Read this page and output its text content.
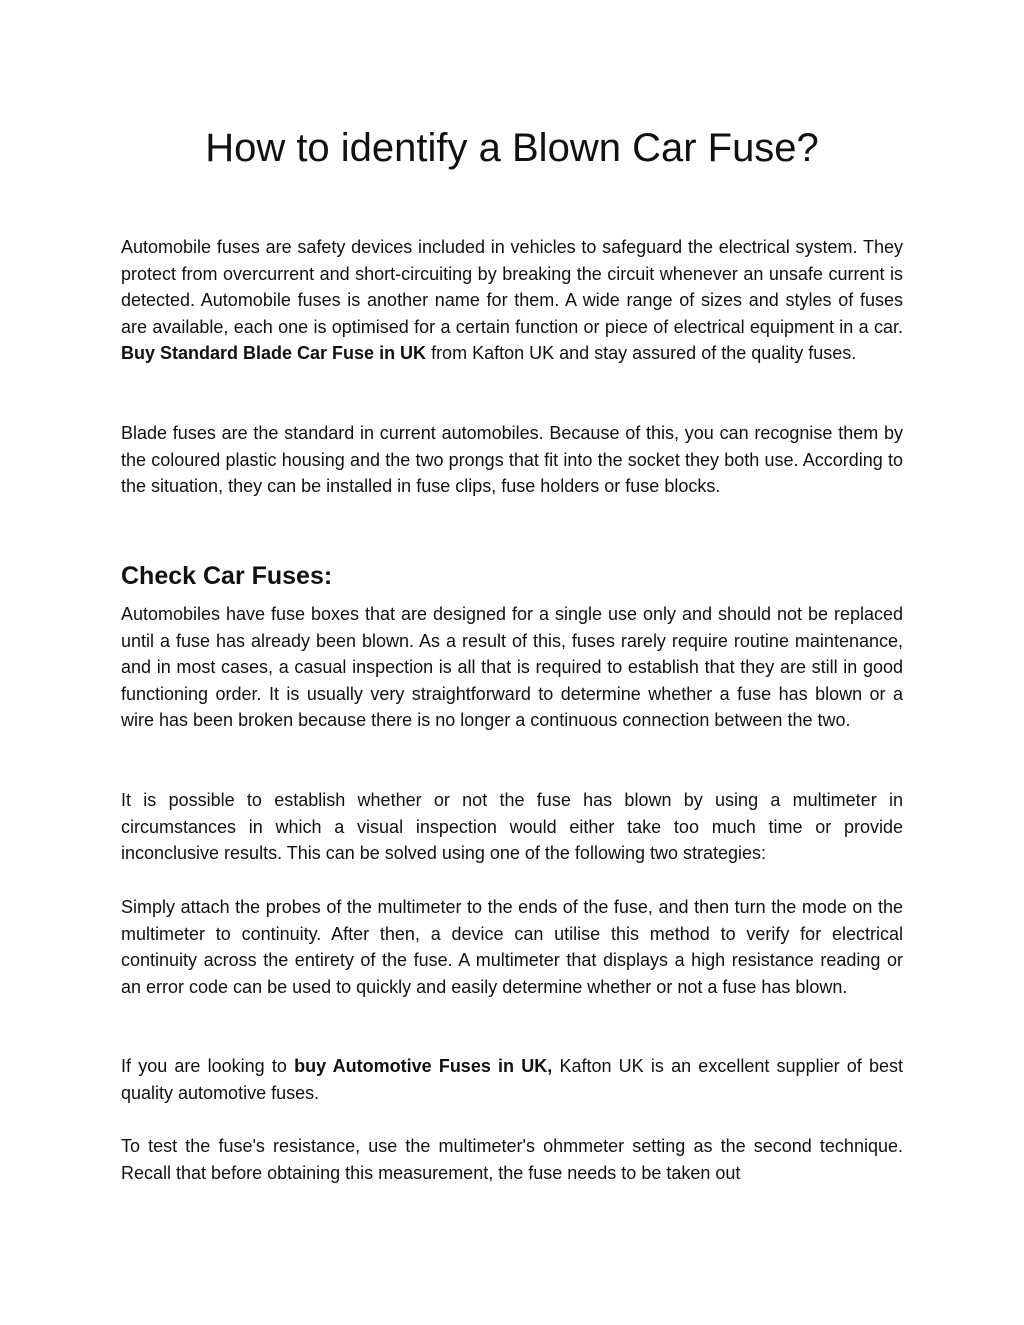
How to identify a Blown Car Fuse?

Automobile fuses are safety devices included in vehicles to safeguard the electrical system. They protect from overcurrent and short-circuiting by breaking the circuit whenever an unsafe current is detected. Automobile fuses is another name for them. A wide range of sizes and styles of fuses are available, each one is optimised for a certain function or piece of electrical equipment in a car. Buy Standard Blade Car Fuse in UK from Kafton UK and stay assured of the quality fuses.

Blade fuses are the standard in current automobiles. Because of this, you can recognise them by the coloured plastic housing and the two prongs that fit into the socket they both use. According to the situation, they can be installed in fuse clips, fuse holders or fuse blocks.

Check Car Fuses:

Automobiles have fuse boxes that are designed for a single use only and should not be replaced until a fuse has already been blown. As a result of this, fuses rarely require routine maintenance, and in most cases, a casual inspection is all that is required to establish that they are still in good functioning order. It is usually very straightforward to determine whether a fuse has blown or a wire has been broken because there is no longer a continuous connection between the two.

It is possible to establish whether or not the fuse has blown by using a multimeter in circumstances in which a visual inspection would either take too much time or provide inconclusive results. This can be solved using one of the following two strategies:

Simply attach the probes of the multimeter to the ends of the fuse, and then turn the mode on the multimeter to continuity. After then, a device can utilise this method to verify for electrical continuity across the entirety of the fuse. A multimeter that displays a high resistance reading or an error code can be used to quickly and easily determine whether or not a fuse has blown.

If you are looking to buy Automotive Fuses in UK, Kafton UK is an excellent supplier of best quality automotive fuses.

To test the fuse's resistance, use the multimeter's ohmmeter setting as the second technique. Recall that before obtaining this measurement, the fuse needs to be taken out
